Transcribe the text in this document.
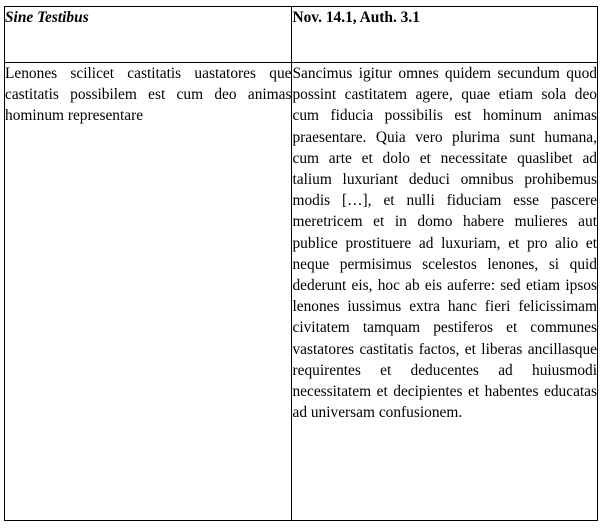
Sine Testibus	Nov. 14.1, Auth. 3.1

Lenones scilicet castitatis uastatores que castitatis possibilem est cum deo animas hominum representare	Sancimus igitur omnes quidem secundum quod possint castitatem agere, quae etiam sola deo cum fiducia possibilis est hominum animas praesentare. Quia vero plurima sunt humana, cum arte et dolo et necessitate quaslibet ad talium luxuriant deduci omnibus prohibemus modis […], et nulli fiduciam esse pascere meretricem et in domo habere mulieres aut publice prostituere ad luxuriam, et pro alio et neque permisimus scelestos lenones, si quid dederunt eis, hoc ab eis auferre: sed etiam ipsos lenones iussimus extra hanc fieri felicissimam civitatem tamquam pestiferos et communes vastatores castitatis factos, et liberas ancillasque requirentes et deducentes ad huiusmodi necessitatem et decipientes et habentes educatas ad universam confusionem.
